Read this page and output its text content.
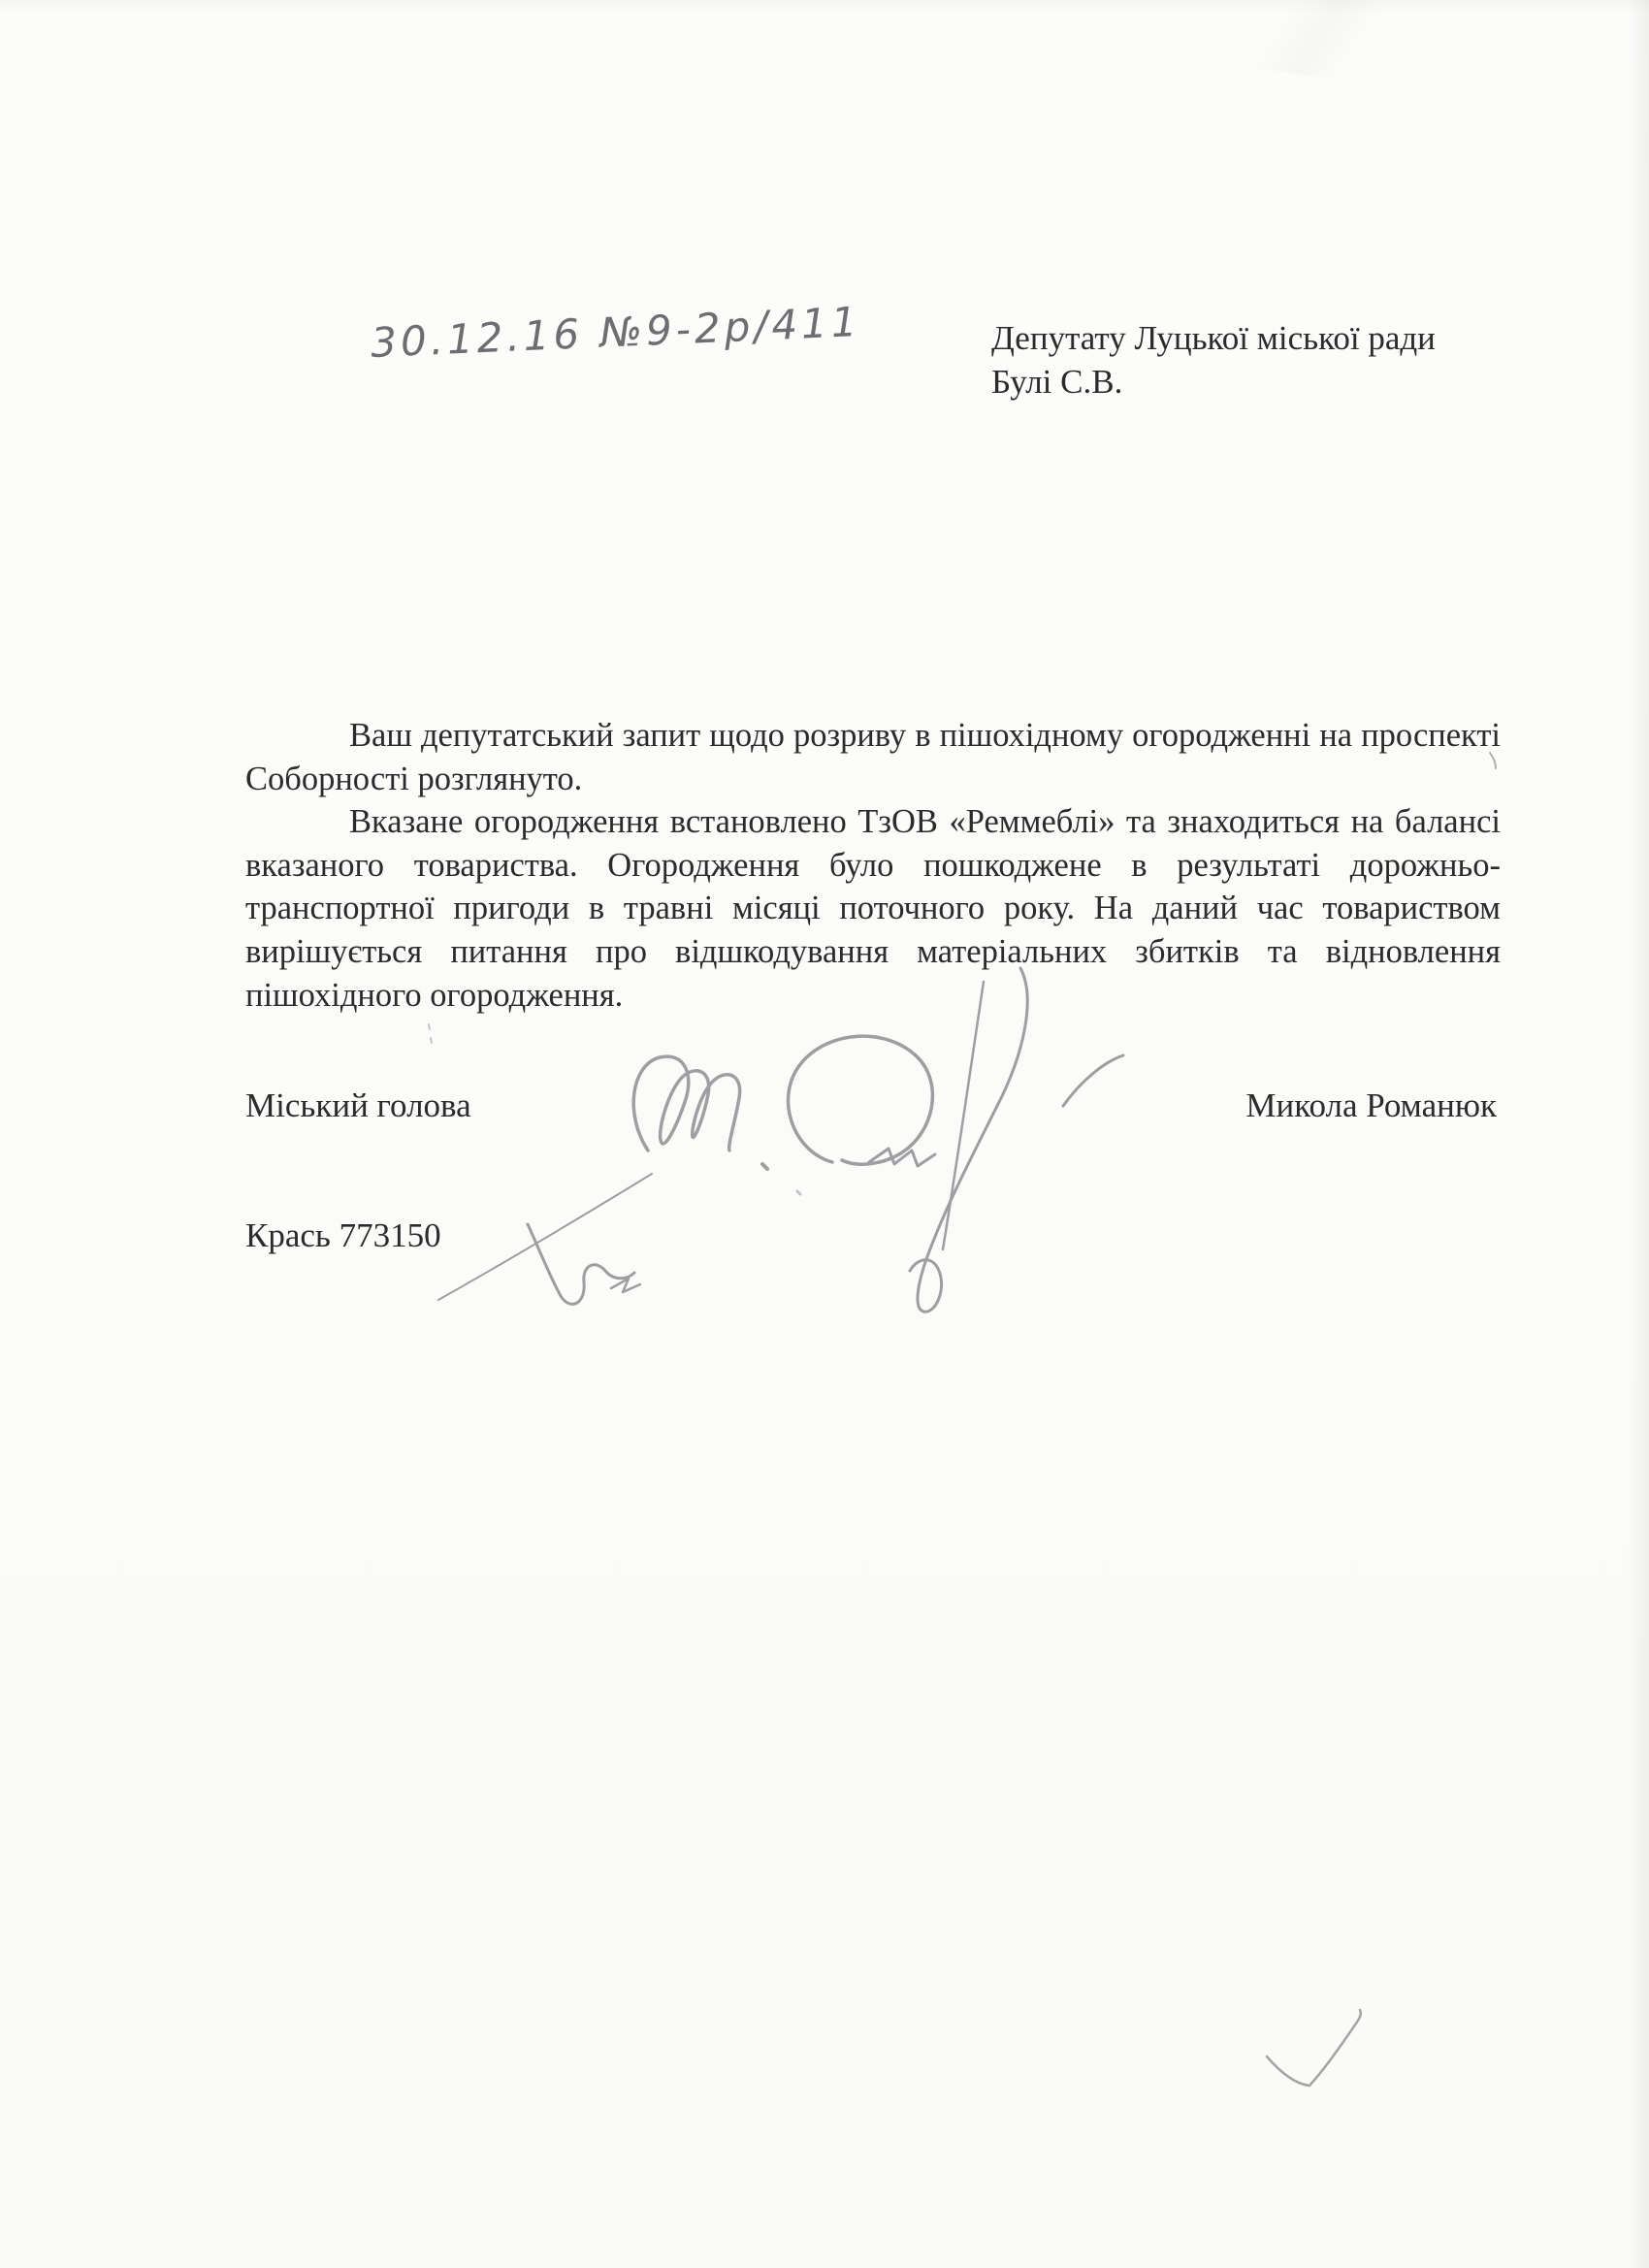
30.12.16 №9-2р/411	Депутату Луцької міської ради
Булі С.В.

Ваш депутатський запит щодо розриву в пішохідному огородженні на проспекті Соборності розглянуто.

Вказане огородження встановлено ТзОВ «Реммеблі» та знаходиться на балансі вказаного товариства. Огородження було пошкоджене в результаті дорожньо-транспортної пригоди в травні місяці поточного року. На даний час товариством вирішується питання про відшкодування матеріальних збитків та відновлення пішохідного огородження.

Міський голова	Микола Романюк
Крась 773150
